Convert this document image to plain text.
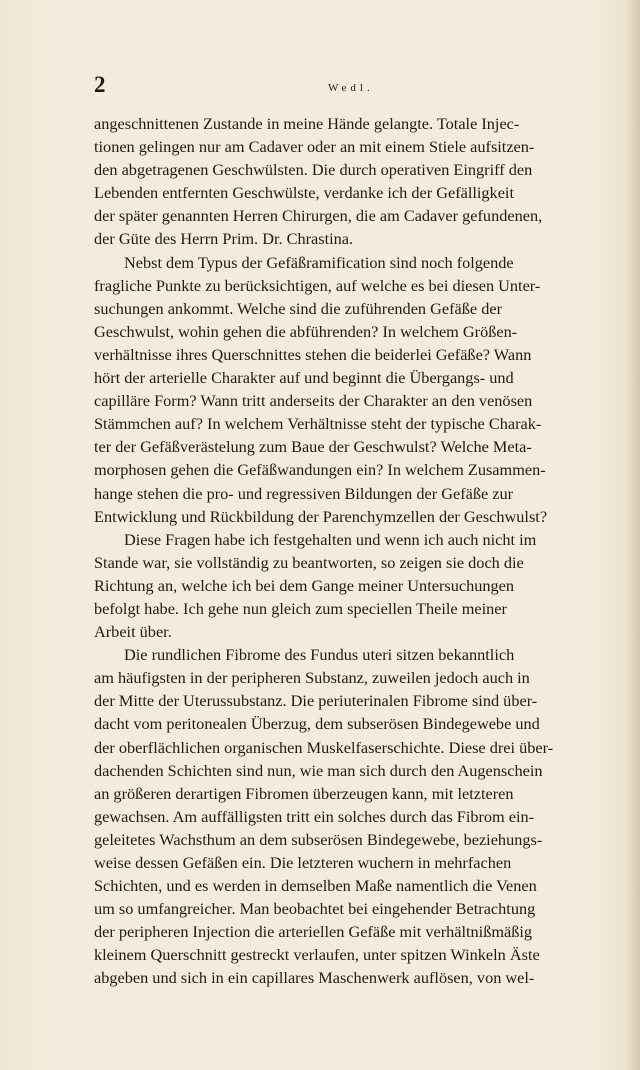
2	Wedl.

angeschnittenen Zustande in meine Hände gelangte. Totale Injec-
tionen gelingen nur am Cadaver oder an mit einem Stiele aufsitzen-
den abgetragenen Geschwülsten. Die durch operativen Eingriff den
Lebenden entfernten Geschwülste, verdanke ich der Gefälligkeit
der später genannten Herren Chirurgen, die am Cadaver gefundenen,
der Güte des Herrn Prim. Dr. Chrastina.

Nebst dem Typus der Gefäßramification sind noch folgende
fragliche Punkte zu berücksichtigen, auf welche es bei diesen Unter-
suchungen ankommt. Welche sind die zuführenden Gefäße der
Geschwulst, wohin gehen die abführenden? In welchem Größen-
verhältnisse ihres Querschnittes stehen die beiderlei Gefäße? Wann
hört der arterielle Charakter auf und beginnt die Übergangs- und
capilläre Form? Wann tritt anderseits der Charakter an den venösen
Stämmchen auf? In welchem Verhältnisse steht der typische Charak-
ter der Gefäßverästelung zum Baue der Geschwulst? Welche Meta-
morphosen gehen die Gefäßwandungen ein? In welchem Zusammen-
hange stehen die pro- und regressiven Bildungen der Gefäße zur
Entwicklung und Rückbildung der Parenchymzellen der Geschwulst?

Diese Fragen habe ich festgehalten und wenn ich auch nicht im
Stande war, sie vollständig zu beantworten, so zeigen sie doch die
Richtung an, welche ich bei dem Gange meiner Untersuchungen
befolgt habe. Ich gehe nun gleich zum speciellen Theile meiner
Arbeit über.

Die rundlichen Fibrome des Fundus uteri sitzen bekanntlich
am häufigsten in der peripheren Substanz, zuweilen jedoch auch in
der Mitte der Uterussubstanz. Die periuterinalen Fibrome sind über-
dacht vom peritonealen Überzug, dem subserösen Bindegewebe und
der oberflächlichen organischen Muskelfaserschichte. Diese drei über-
dachenden Schichten sind nun, wie man sich durch den Augenschein
an größeren derartigen Fibromen überzeugen kann, mit letzteren
gewachsen. Am auffälligsten tritt ein solches durch das Fibrom ein-
geleitetes Wachsthum an dem subserösen Bindegewebe, beziehungs-
weise dessen Gefäßen ein. Die letzteren wuchern in mehrfachen
Schichten, und es werden in demselben Maße namentlich die Venen
um so umfangreicher. Man beobachtet bei eingehender Betrachtung
der peripheren Injection die arteriellen Gefäße mit verhältnißmäßig
kleinem Querschnitt gestreckt verlaufen, unter spitzen Winkeln Äste
abgeben und sich in ein capillares Maschenwerk auflösen, von wel-
